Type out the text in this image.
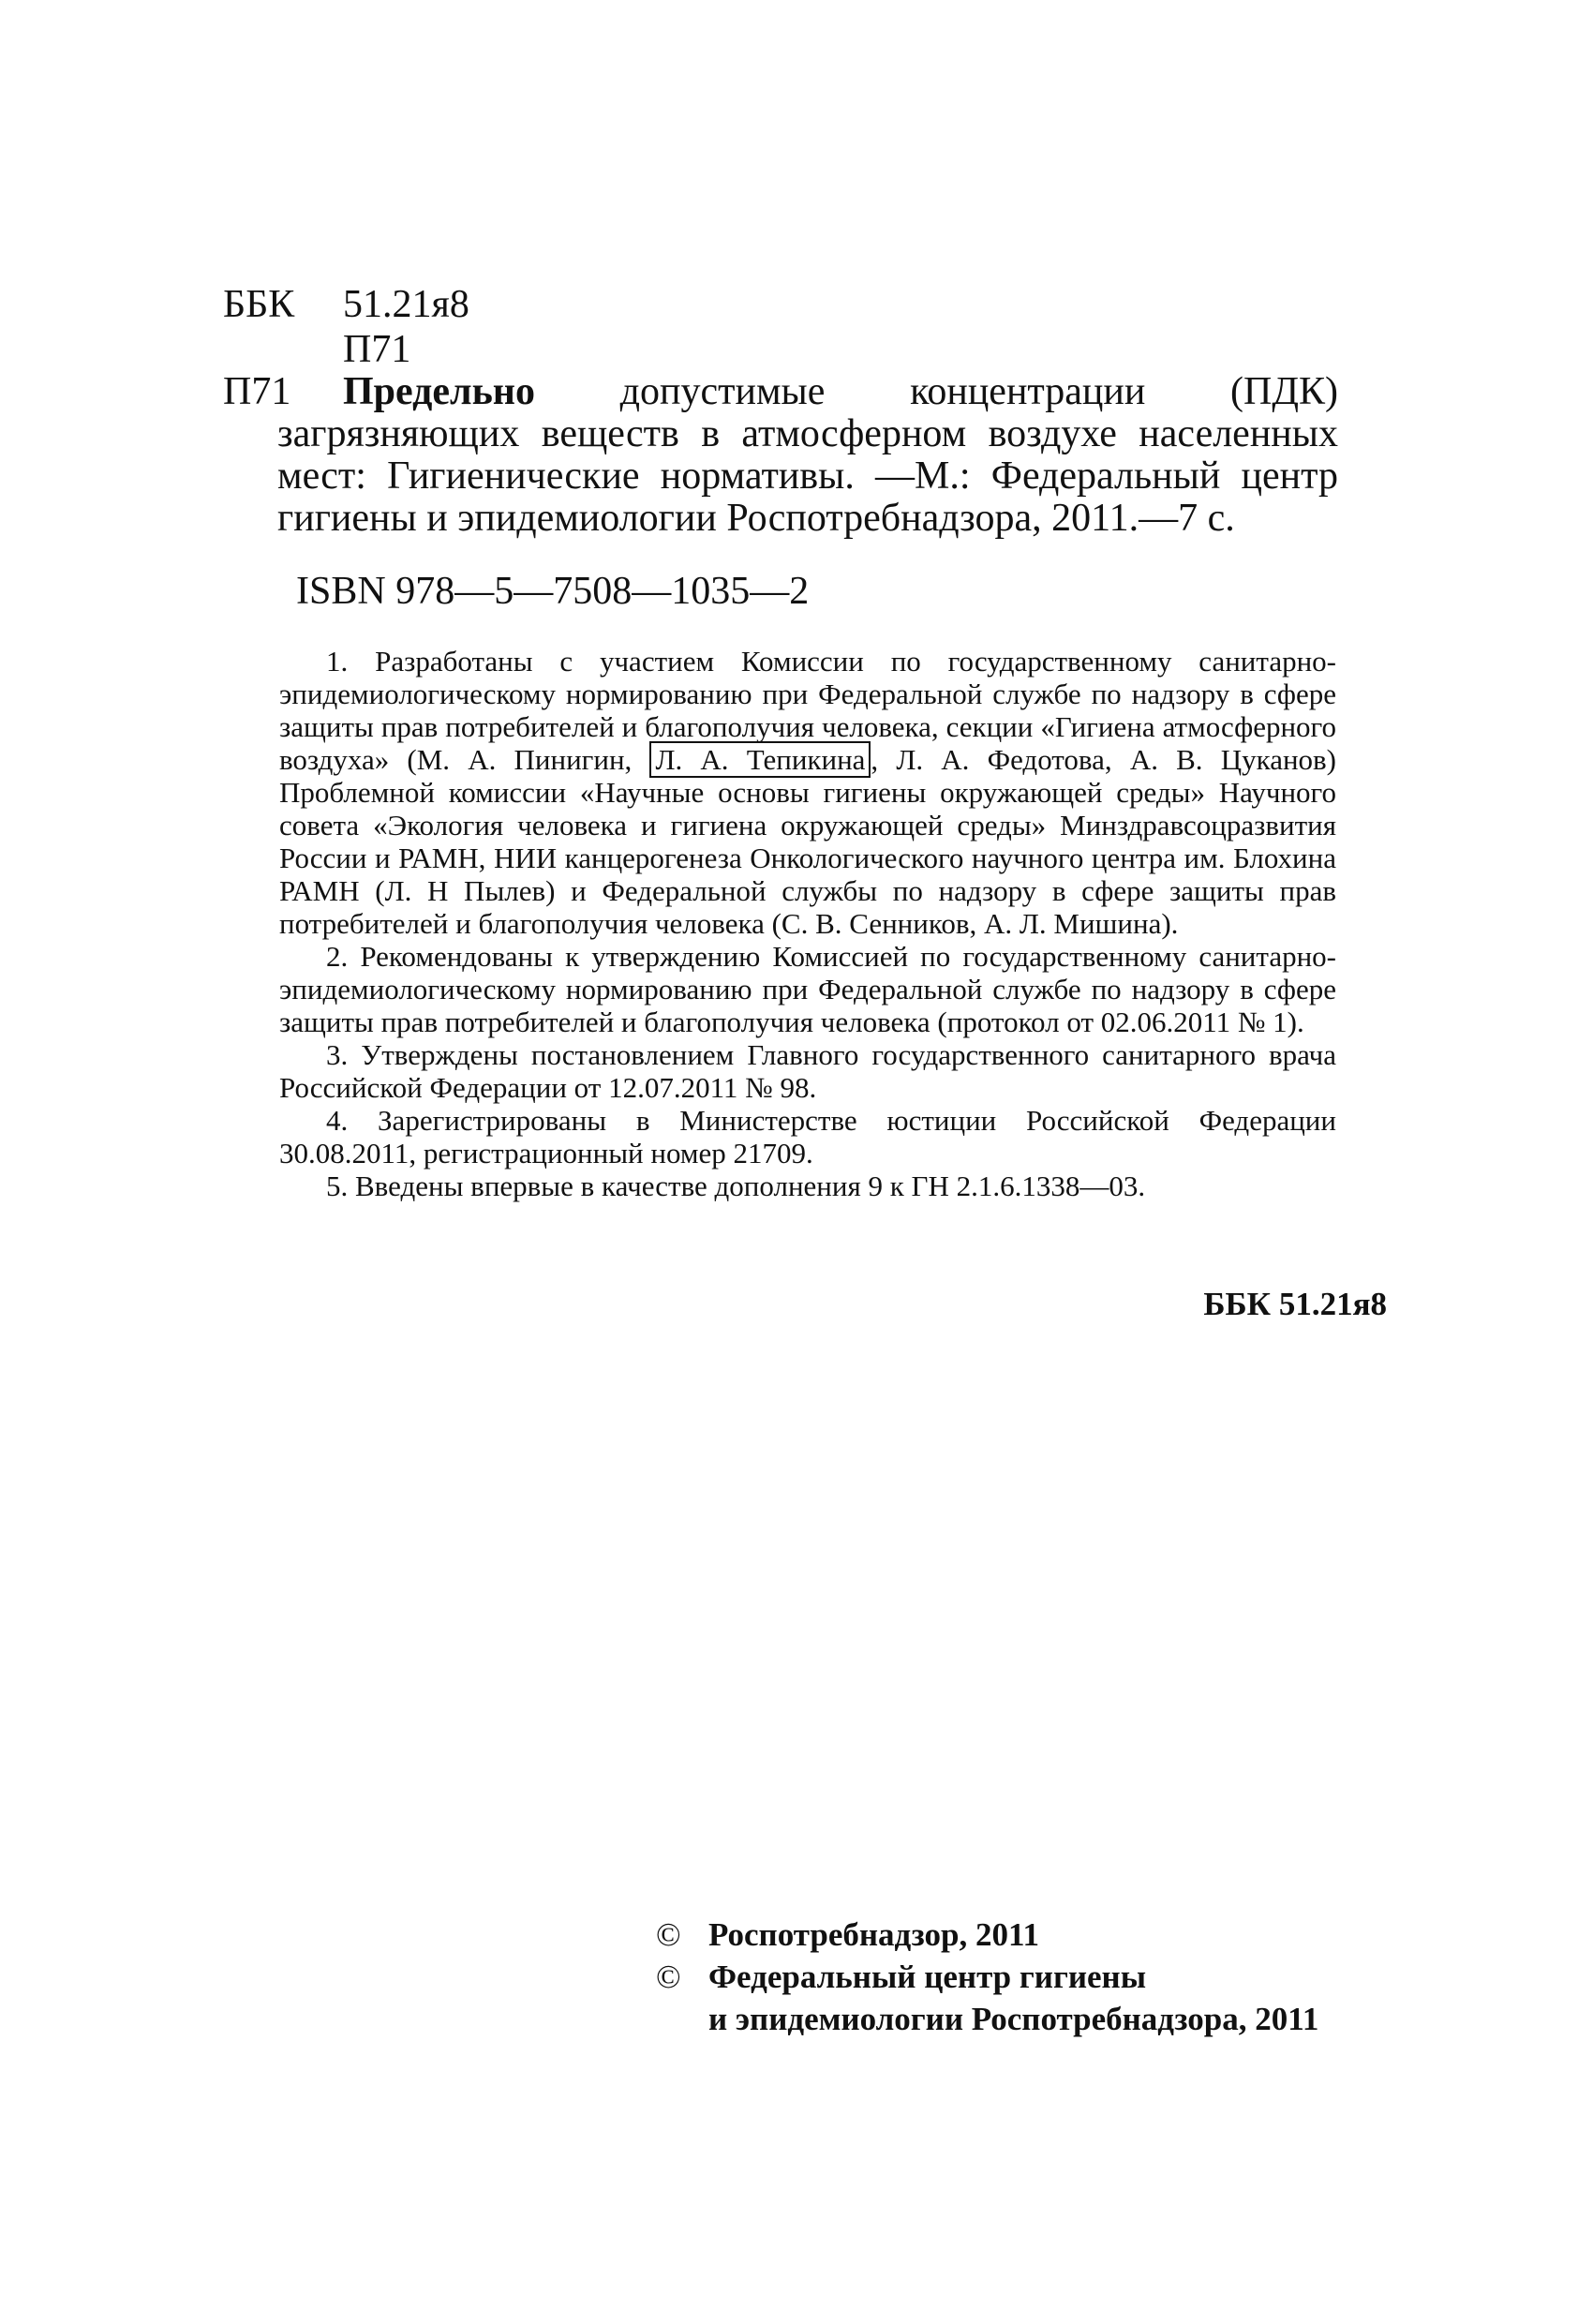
ББК 51.21я8
П71
П71	Предельно допустимые концентрации (ПДК) загрязняющих веществ в атмосферном воздухе населенных мест: Гигиенические нормативы. —М.: Федеральный центр гигиены и эпидемиологии Роспотребнадзора, 2011.—7 с.
ISBN 978—5—7508—1035—2

1. Разработаны с участием Комиссии по государственному санитарно-эпидемиологическому нормированию при Федеральной службе по надзору в сфере защиты прав потребителей и благополучия человека, секции «Гигиена атмосферного воздуха» (М. А. Пинигин, Л. А. Тепикина , Л. А. Федотова, А. В. Цуканов) Проблемной комиссии «Научные основы гигиены окружающей среды» Научного совета «Экология человека и гигиена окружающей среды» Минздравсоцразвития России и РАМН, НИИ канцерогенеза Онкологического научного центра им. Блохина РАМН (Л. Н Пылев) и Федеральной службы по надзору в сфере защиты прав потребителей и благополучия человека (С. В. Сенников, А. Л. Мишина).

2. Рекомендованы к утверждению Комиссией по государственному санитарно-эпидемиологическому нормированию при Федеральной службе по надзору в сфере защиты прав потребителей и благополучия человека (протокол от 02.06.2011 № 1).

3. Утверждены постановлением Главного государственного санитарного врача Российской Федерации от 12.07.2011 № 98.

4. Зарегистрированы в Министерстве юстиции Российской Федерации 30.08.2011, регистрационный номер 21709.

5. Введены впервые в качестве дополнения 9 к ГН 2.1.6.1338—03.

ББК 51.21я8
© Роспотребнадзор, 2011
© Федеральный центр гигиены
и эпидемиологии Роспотребнадзора, 2011
